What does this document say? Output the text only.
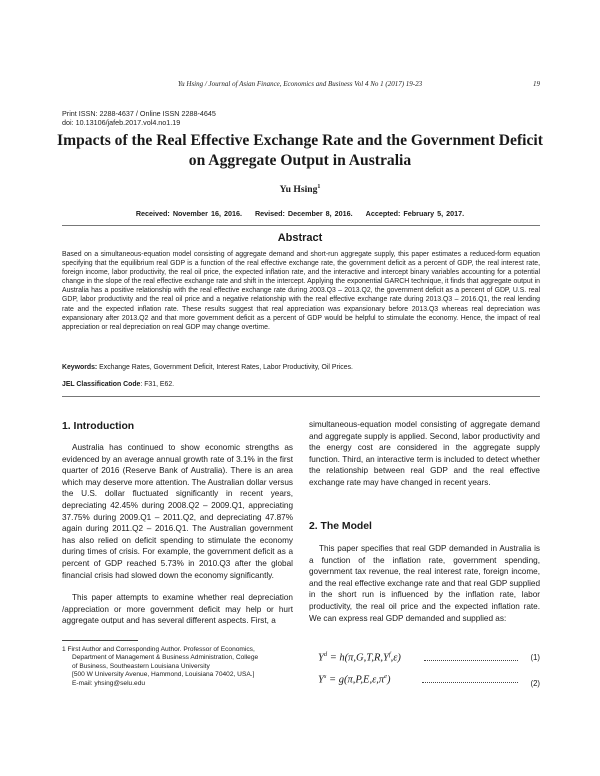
Yu Hsing / Journal of Asian Finance, Economics and Business Vol 4 No 1 (2017) 19-23	19
Print ISSN: 2288-4637 / Online ISSN 2288-4645
doi: 10.13106/jafeb.2017.vol4.no1.19
Impacts of the Real Effective Exchange Rate and the Government Deficit
on Aggregate Output in Australia
Yu Hsing$^1$
Received: November 16, 2016. Revised: December 8, 2016. Accepted: February 5, 2017.
Abstract
Based on a simultaneous-equation model consisting of aggregate demand and short-run aggregate supply, this paper estimates a reduced-form equation specifying that the equilibrium real GDP is a function of the real effective exchange rate, the government deficit as a percent of GDP, the real interest rate, foreign income, labor productivity, the real oil price, the expected inflation rate, and the interactive and intercept binary variables accounting for a potential change in the slope of the real effective exchange rate and shift in the intercept. Applying the exponential GARCH technique, it finds that aggregate output in Australia has a positive relationship with the real effective exchange rate during 2003.Q3 – 2013.Q2, the government deficit as a percent of GDP, U.S. real GDP, labor productivity and the real oil price and a negative relationship with the real effective exchange rate during 2013.Q3 – 2016.Q1, the real lending rate and the expected inflation rate. These results suggest that real appreciation was expansionary before 2013.Q3 whereas real depreciation was expansionary after 2013.Q2 and that more government deficit as a percent of GDP would be helpful to stimulate the economy. Hence, the impact of real appreciation or real depreciation on real GDP may change overtime.
Keywords: Exchange Rates, Government Deficit, Interest Rates, Labor Productivity, Oil Prices.
JEL Classification Code: F31, E62.
1. Introduction
Australia has continued to show economic strengths as evidenced by an average annual growth rate of 3.1% in the first quarter of 2016 (Reserve Bank of Australia). There is an area which may deserve more attention. The Australian dollar versus the U.S. dollar fluctuated significantly in recent years, depreciating 42.45% during 2008.Q2 – 2009.Q1, appreciating 37.75% during 2009.Q1 – 2011.Q2, and depreciating 47.87% again during 2011.Q2 – 2016.Q1. The Australian government has also relied on deficit spending to stimulate the economy during times of crisis. For example, the government deficit as a percent of GDP reached 5.73% in 2010.Q3 after the global financial crisis had slowed down the economy significantly.
This paper attempts to examine whether real depreciation /appreciation or more government deficit may help or hurt aggregate output and has several different aspects. First, a
1 First Author and Corresponding Author. Professor of Economics,
Department of Management & Business Administration, College
of Business, Southeastern Louisiana University
[500 W University Avenue, Hammond, Louisiana 70402, USA.]
E-mail: yhsing@selu.edu
simultaneous-equation model consisting of aggregate demand and aggregate supply is applied. Second, labor productivity and the energy cost are considered in the aggregate supply function. Third, an interactive term is included to detect whether the relationship between real GDP and the real effective exchange rate may have changed in recent years.
2. The Model
This paper specifies that real GDP demanded in Australia is a function of the inflation rate, government spending, government tax revenue, the real interest rate, foreign income, and the real effective exchange rate and that real GDP supplied in the short run is influenced by the inflation rate, labor productivity, the real oil price and the expected inflation rate. We can express real GDP demanded and supplied as:
$Y^d = h(\pi,G,T,R,Y^f,\varepsilon)$	(1)
$Y^s = g(\pi,P,E,\varepsilon,\pi^e)$	(2)
